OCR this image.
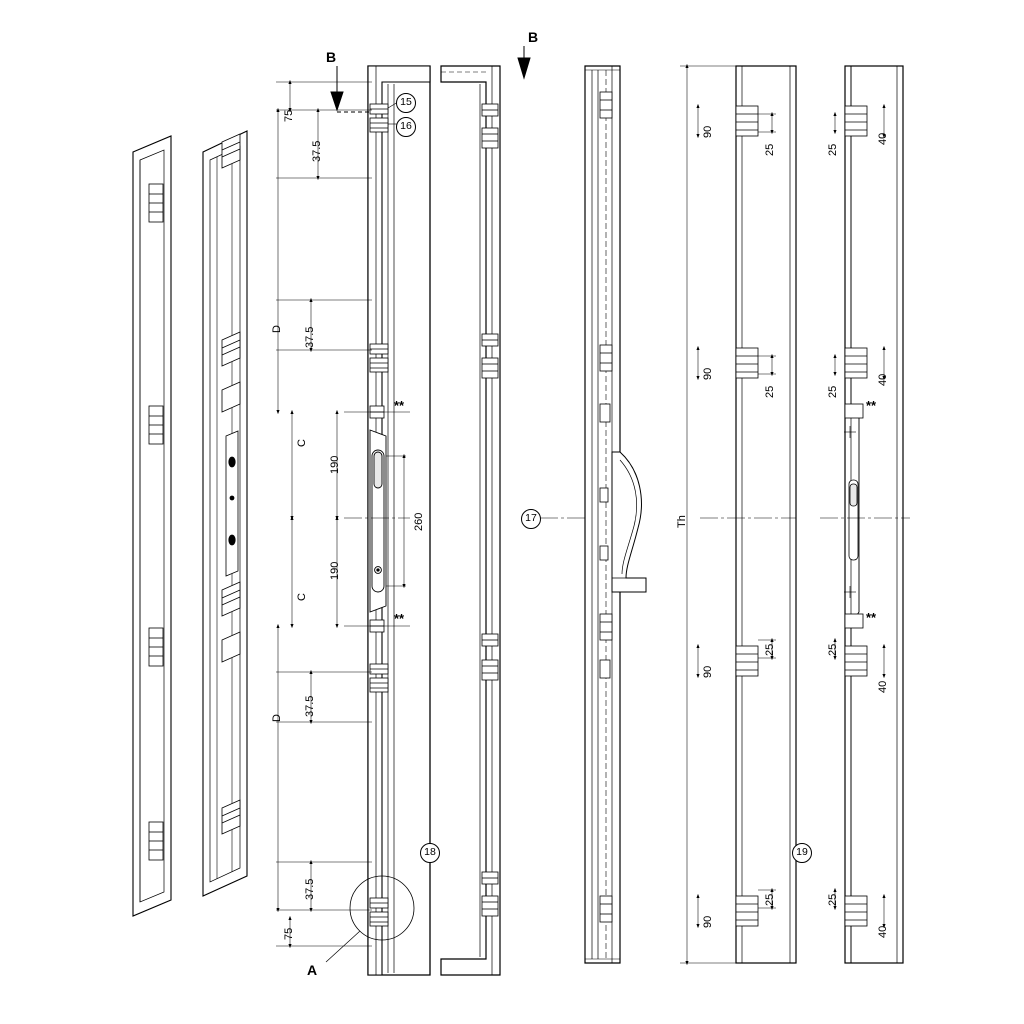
75
37.5
D 37.5
C
190
260
190
C
37.5
D
37.5
75
Th
90
25
90
25
90
25
90
25
25
40
25
40
25
40
25
40
B
B
A
**
**
**
**
15
16
17
18	19
